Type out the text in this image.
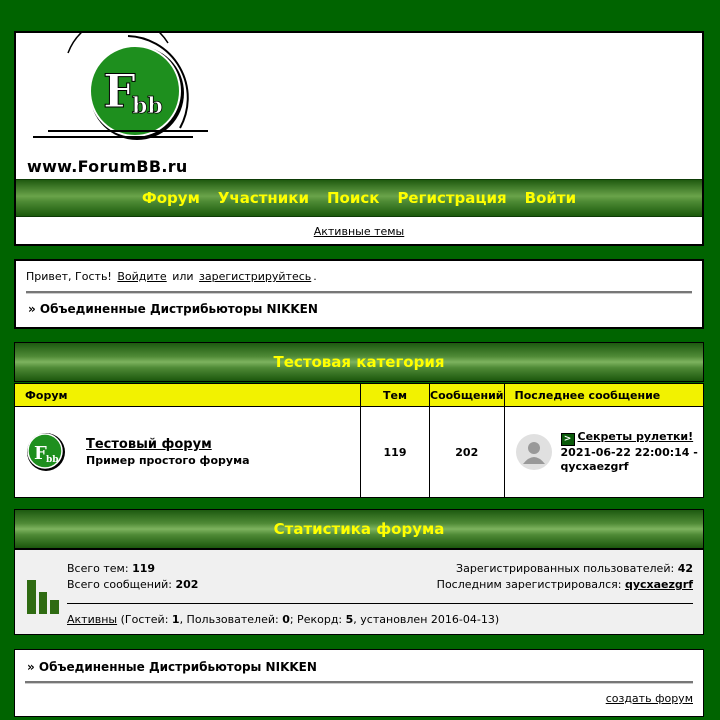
F
bb
www.ForumBB.ru
Форум Участники Поиск Регистрация Войти
Активные темы
Привет, Гость! Войдите или зарегистрируйтесь .
» Объединенные Дистрибьюторы NIKKEN
Тестовая категория
Форум	Тем	Сообщений	Последнее сообщение

F bb
Тестовый форум
Пример простого форума	119	202	> Секреты рулетки!
2021-06-22 22:00:14 -
qycxaezgrf
Статистика форума
Всего тем: 119
Всего сообщений: 202
Зарегистрированных пользователей: 42
Последним зарегистрировался: qycxaezgrf
Активны (Гостей: 1, Пользователей: 0; Рекорд: 5, установлен 2016-04-13)
» Объединенные Дистрибьюторы NIKKEN
создать форум
